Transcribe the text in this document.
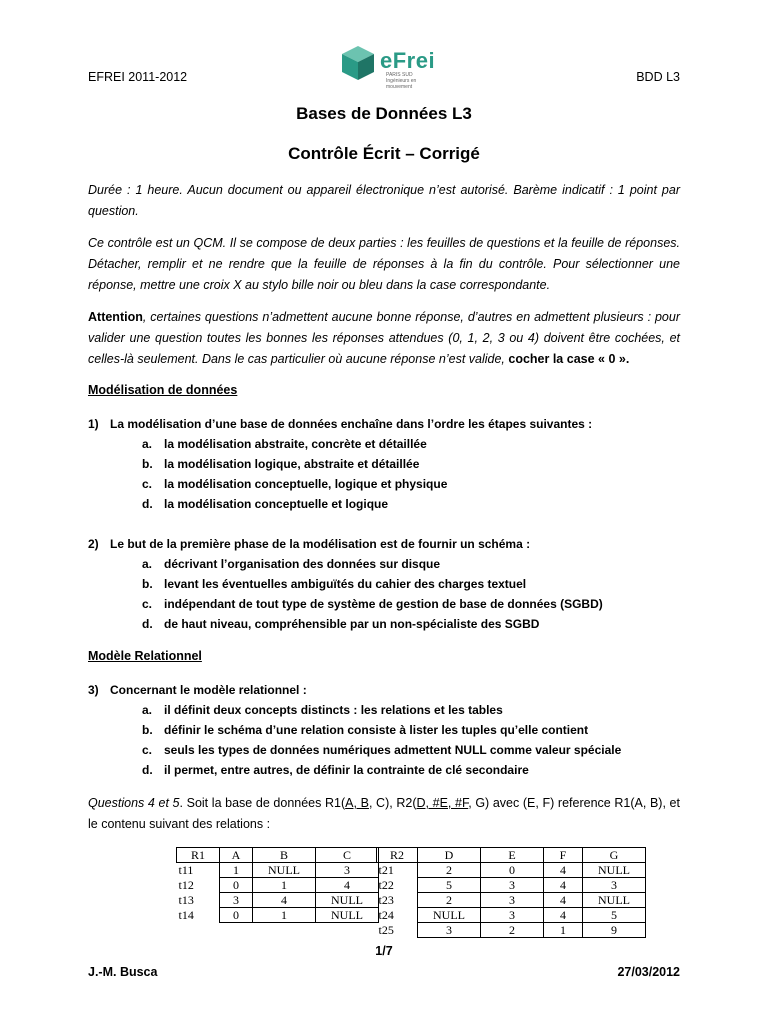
EFREI 2011-2012
eFrei
PARIS SUD
Ingénieurs en mouvement
BDD L3
Bases de Données L3
Contrôle Écrit – Corrigé
Durée : 1 heure. Aucun document ou appareil électronique n’est autorisé. Barème indicatif : 1 point par question.
Ce contrôle est un QCM. Il se compose de deux parties : les feuilles de questions et la feuille de réponses. Détacher, remplir et ne rendre que la feuille de réponses à la fin du contrôle. Pour sélectionner une réponse, mettre une croix X au stylo bille noir ou bleu dans la case correspondante.
Attention, certaines questions n’admettent aucune bonne réponse, d’autres en admettent plusieurs : pour valider une question toutes les bonnes les réponses attendues (0, 1, 2, 3 ou 4) doivent être cochées, et celles-là seulement. Dans le cas particulier où aucune réponse n’est valide, cocher la case « 0 ».
Modélisation de données
1) La modélisation d’une base de données enchaîne dans l’ordre les étapes suivantes :
a. la modélisation abstraite, concrète et détaillée
b. la modélisation logique, abstraite et détaillée
c. la modélisation conceptuelle, logique et physique
d. la modélisation conceptuelle et logique
2) Le but de la première phase de la modélisation est de fournir un schéma :
a. décrivant l’organisation des données sur disque
b. levant les éventuelles ambiguïtés du cahier des charges textuel
c. indépendant de tout type de système de gestion de base de données (SGBD)
d. de haut niveau, compréhensible par un non-spécialiste des SGBD
Modèle Relationnel
3) Concernant le modèle relationnel :
a. il définit deux concepts distincts : les relations et les tables
b. définir le schéma d’une relation consiste à lister les tuples qu’elle contient
c. seuls les types de données numériques admettent NULL comme valeur spéciale
d. il permet, entre autres, de définir la contrainte de clé secondaire
Questions 4 et 5. Soit la base de données R1(A, B, C), R2(D, #E, #F, G) avec (E, F) reference R1(A, B), et le contenu suivant des relations :
R1	A	B	C
t11	1	NULL	3
t12	0	1	4
t13	3	4	NULL
t14	0	1	NULL
R2	D	E	F	G
t21	2	0	4	NULL
t22	5	3	4	3
t23	2	3	4	NULL
t24	NULL	3	4	5
t25	3	2	1	9
1/7
J.-M. Busca	27/03/2012
